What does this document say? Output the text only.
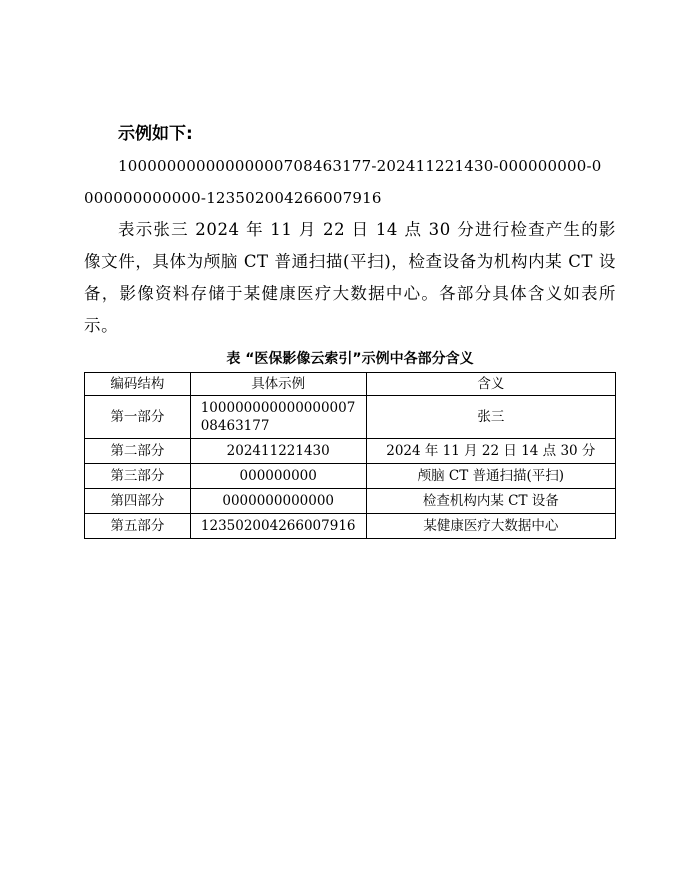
示例如下:

10000000000000000708463177-202411221430-000000000-0

000000000000-123502004266007916

表示张三 2024 年 11 月 22 日 14 点 30 分进行检查产生的影像文件，具体为颅脑 CT 普通扫描(平扫)，检查设备为机构内某 CT 设备，影像资料存储于某健康医疗大数据中心。各部分具体含义如表所示。

表 “医保影像云索引”示例中各部分含义
编码结构	具体示例	含义
第一部分	10000000000000000708463177	张三
第二部分	202411221430	2024 年 11 月 22 日 14 点 30 分
第三部分	000000000	颅脑 CT 普通扫描(平扫)
第四部分	0000000000000	检查机构内某 CT 设备
第五部分	123502004266007916	某健康医疗大数据中心
